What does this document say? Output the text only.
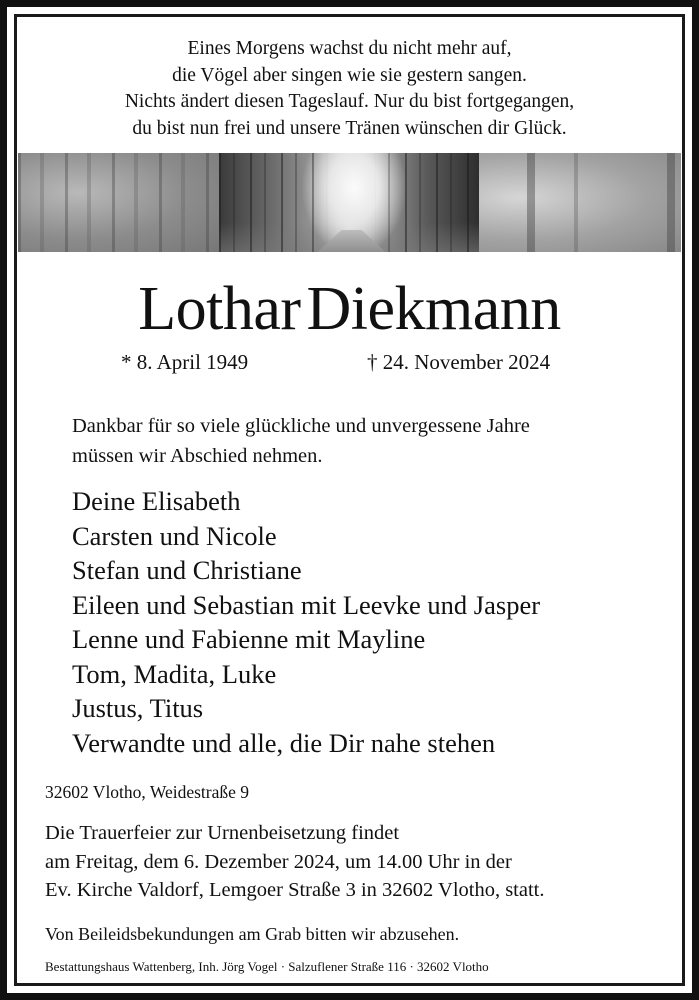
Eines Morgens wachst du nicht mehr auf,
die Vögel aber singen wie sie gestern sangen.
Nichts ändert diesen Tageslauf. Nur du bist fortgegangen,
du bist nun frei und unsere Tränen wünschen dir Glück.
LotharDiekmann
* 8. April 1949	† 24. November 2024
Dankbar für so viele glückliche und unvergessene Jahre
müssen wir Abschied nehmen.
Deine Elisabeth
Carsten und Nicole
Stefan und Christiane
Eileen und Sebastian mit Leevke und Jasper
Lenne und Fabienne mit Mayline
Tom, Madita, Luke
Justus, Titus
Verwandte und alle, die Dir nahe stehen
32602 Vlotho, Weidestraße 9
Die Trauerfeier zur Urnenbeisetzung findet
am Freitag, dem 6. Dezember 2024, um 14.00 Uhr in der
Ev. Kirche Valdorf, Lemgoer Straße 3 in 32602 Vlotho, statt.
Von Beileidsbekundungen am Grab bitten wir abzusehen.
Bestattungshaus Wattenberg, Inh. Jörg Vogel · Salzuflener Straße 116 · 32602 Vlotho
